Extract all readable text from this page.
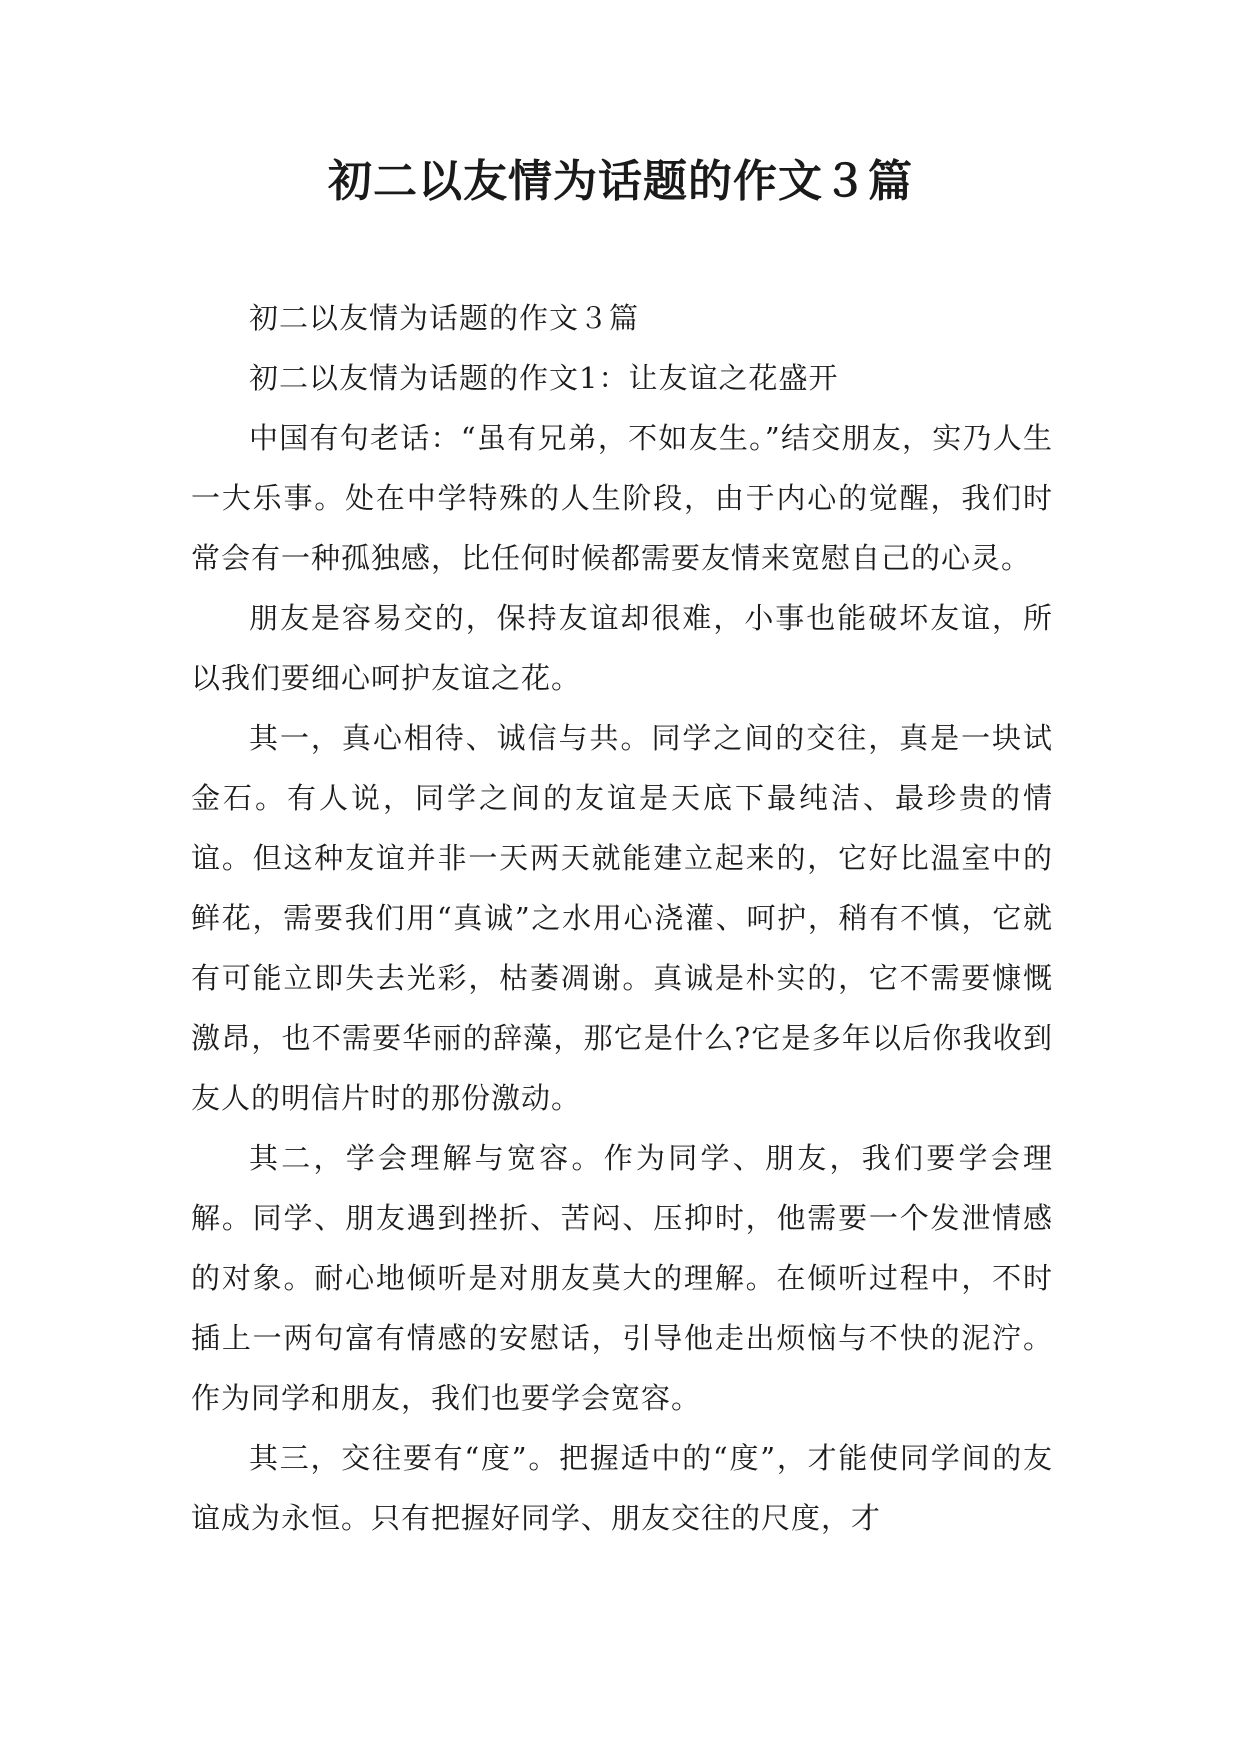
初二以友情为话题的作文３篇

初二以友情为话题的作文３篇

初二以友情为话题的作文1：让友谊之花盛开

中国有句老话：“虽有兄弟，不如友生。”结交朋友，实乃人生一大乐事。处在中学特殊的人生阶段，由于内心的觉醒，我们时常会有一种孤独感，比任何时候都需要友情来宽慰自己的心灵。

朋友是容易交的，保持友谊却很难，小事也能破坏友谊，所以我们要细心呵护友谊之花。

其一，真心相待、诚信与共。同学之间的交往，真是一块试金石。有人说，同学之间的友谊是天底下最纯洁、最珍贵的情谊。但这种友谊并非一天两天就能建立起来的，它好比温室中的鲜花，需要我们用“真诚”之水用心浇灌、呵护，稍有不慎，它就有可能立即失去光彩，枯萎凋谢。真诚是朴实的，它不需要慷慨激昂，也不需要华丽的辞藻，那它是什么?它是多年以后你我收到友人的明信片时的那份激动。

其二，学会理解与宽容。作为同学、朋友，我们要学会理解。同学、朋友遇到挫折、苦闷、压抑时，他需要一个发泄情感的对象。耐心地倾听是对朋友莫大的理解。在倾听过程中，不时插上一两句富有情感的安慰话，引导他走出烦恼与不快的泥泞。作为同学和朋友，我们也要学会宽容。

其三，交往要有“度”。把握适中的“度”，才能使同学间的友谊成为永恒。只有把握好同学、朋友交往的尺度，才
